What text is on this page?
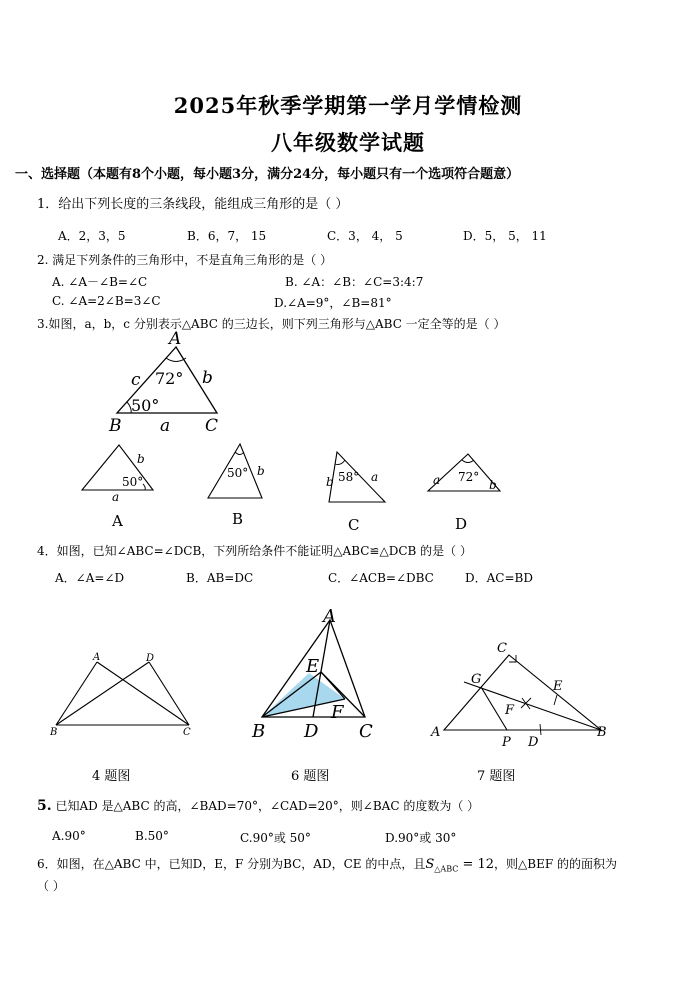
2025年秋季学期第一学月学情检测
八年级数学试题
一、选择题（本题有8个小题，每小题3分，满分24分，每小题只有一个选项符合题意）
1．给出下列长度的三条线段，能组成三角形的是（ ）
A．2，3，5	B．6，7， 15	C．3， 4， 5	D．5， 5， 11
2. 满足下列条件的三角形中，不是直角三角形的是（ ）
A. ∠A－∠B=∠C	B. ∠A：∠B：∠C=3:4:7
C. ∠A=2∠B=3∠C	D.∠A=9°，∠B=81°
3.如图，a，b，c 分别表示△ABC 的三边长，则下列三角形与△ABC 一定全等的是（ ）
A
c	b
72°
50°
B a C
b
50°
a
A
50° b
B
58°
b	a
C
72°
a	b
D
4．如图，已知∠ABC=∠DCB，下列所给条件不能证明△ABC≌△DCB 的是（ ）
A．∠A=∠D	B．AB=DC	C．∠ACB=∠DBC	D．AC=BD
A	D
B	C
4 题图
A
E
F
B D C
6 题图
C
G	E
F
A
P D
B
7 题图
5. 已知AD 是△ABC 的高，∠BAD=70°，∠CAD=20°，则∠BAC 的度数为（ ）
A.90°	B.50°	C.90°或 50°	D.90°或 30°
6．如图，在△ABC 中，已知D，E，F 分别为BC，AD，CE 的中点，且$S_{\triangle ABC} = 12$，则△BEF 的的面积为
（ ）
